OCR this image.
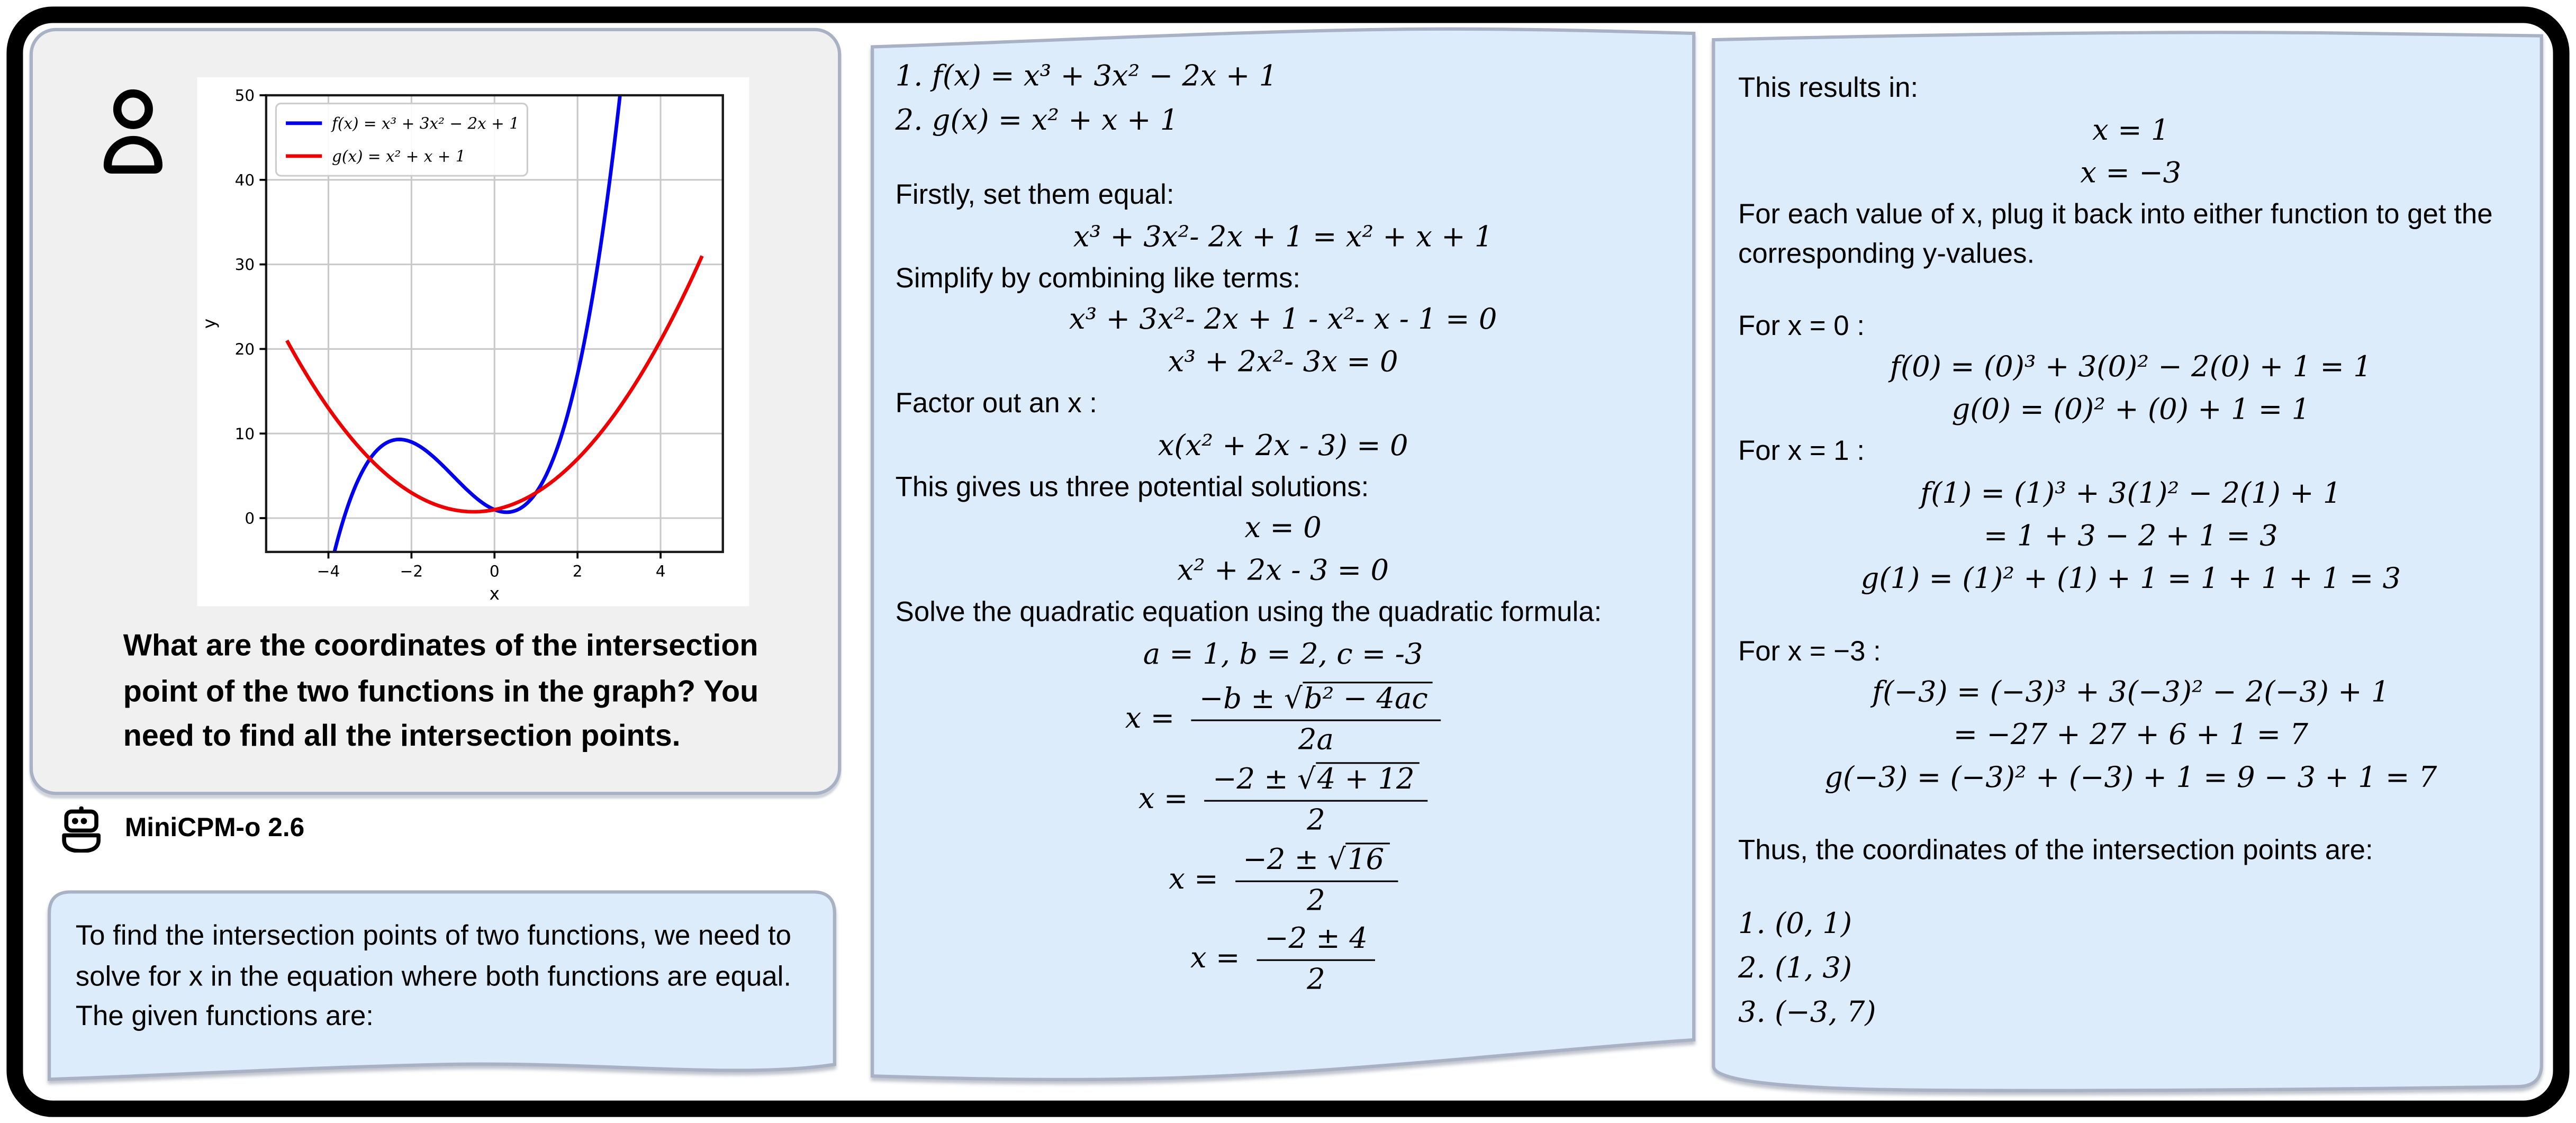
−4	−2	0	2	4
0
10
20
30
40
50
x
y
f(x) = x³ + 3x² − 2x + 1
g(x) = x² + x + 1
What are the coordinates of the intersection point of the two functions in the graph? You need to find all the intersection points.
MiniCPM-o 2.6
To find the intersection points of two functions, we need to solve for x in the equation where both functions are equal. The given functions are:
1. f(x) = x³ + 3x² − 2x + 1
2. g(x) = x² + x + 1
Firstly, set them equal:
x³ + 3x²- 2x + 1 = x² + x + 1
Simplify by combining like terms:
x³ + 3x²- 2x + 1 - x²- x - 1 = 0
x³ + 2x²- 3x = 0
Factor out an x :
x(x² + 2x - 3) = 0
This gives us three potential solutions:
x = 0
x² + 2x - 3 = 0
Solve the quadratic equation using the quadratic formula:
a = 1, b = 2, c = -3
$x = \frac{\text{−b ± √ b² − 4ac}}{2a}$
$x = \frac{-2 \pm √ 4 + 12}{2}$
$x = \frac{-2 \pm √ 16}{2}$
$x = \frac{-2 \pm 4}{2}$
This results in:
x = 1
x = −3
For each value of x, plug it back into either function to get the corresponding y-values.
For x = 0 :
f(0) = (0)³ + 3(0)² − 2(0) + 1 = 1
g(0) = (0)² + (0) + 1 = 1
For x = 1 :
f(1) = (1)³ + 3(1)² − 2(1) + 1
= 1 + 3 − 2 + 1 = 3
g(1) = (1)² + (1) + 1 = 1 + 1 + 1 = 3
For x = −3 :
f(−3) = (−3)³ + 3(−3)² − 2(−3) + 1
= −27 + 27 + 6 + 1 = 7
g(−3) = (−3)² + (−3) + 1 = 9 − 3 + 1 = 7
Thus, the coordinates of the intersection points are:
1. (0, 1)
2. (1, 3)
3. (−3, 7)
